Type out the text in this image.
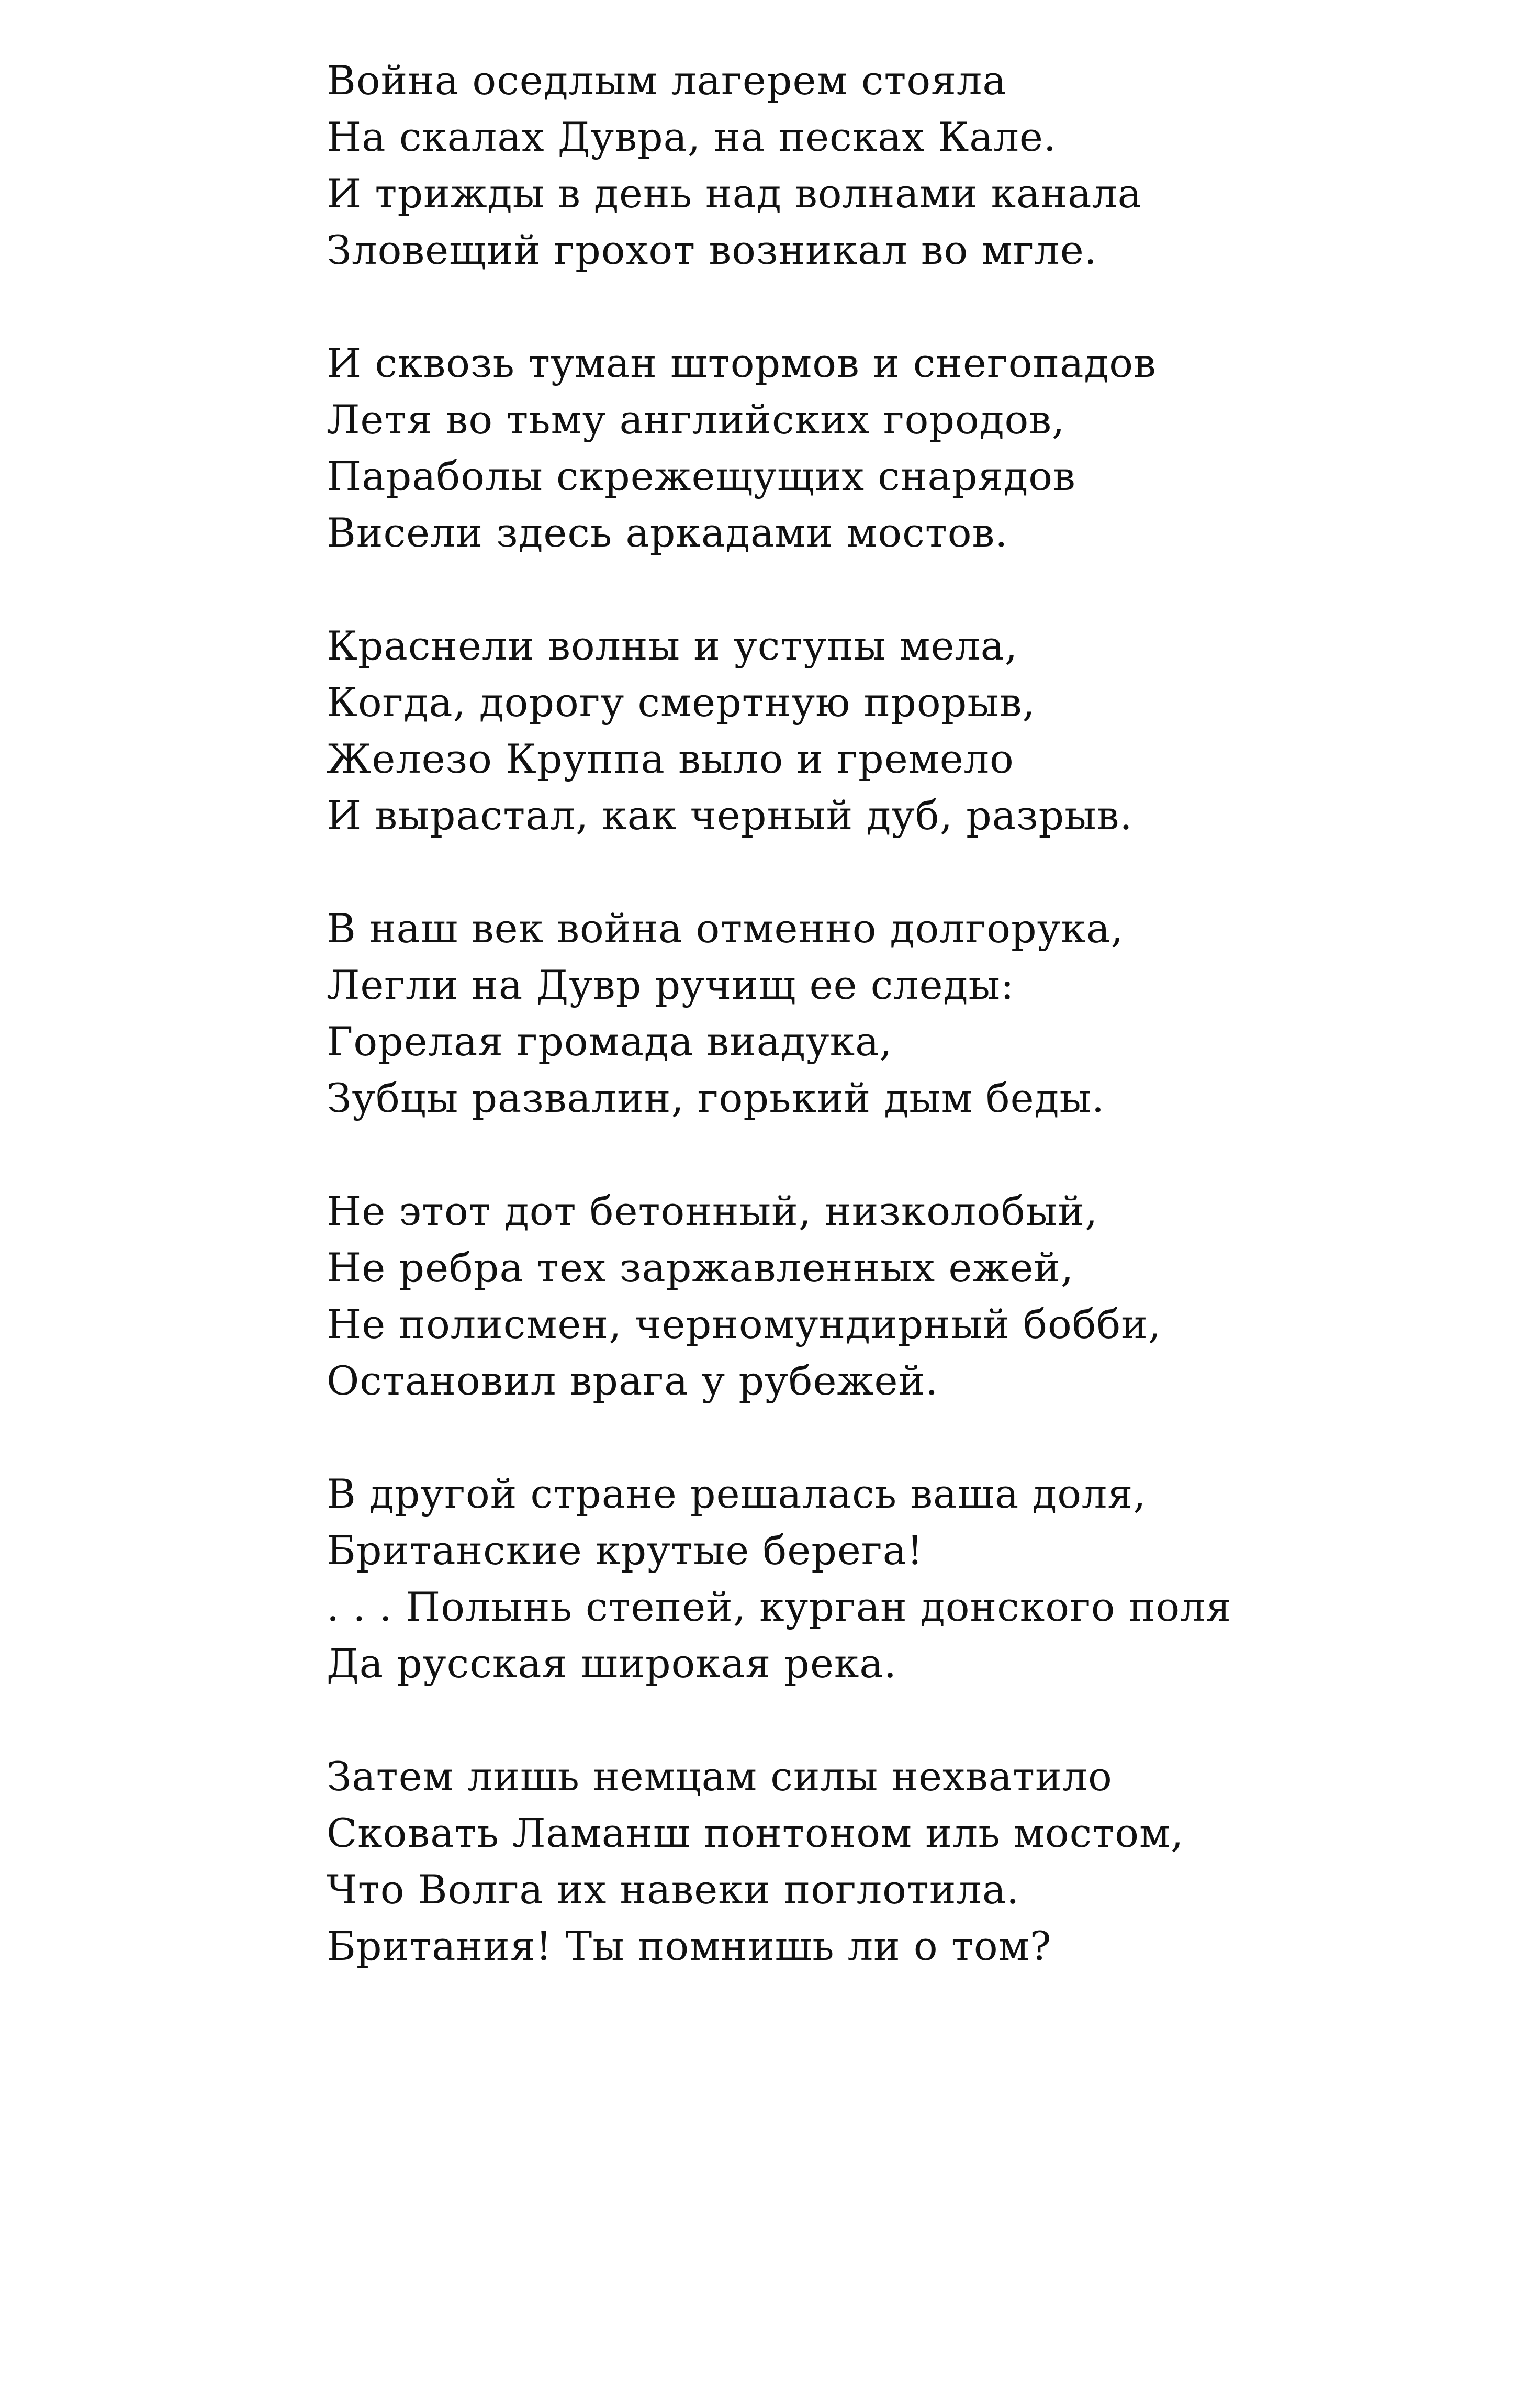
Война оседлым лагерем стояла
На скалах Дувра, на песках Кале.
И трижды в день над волнами канала
Зловещий грохот возникал во мгле.
И сквозь туман штормов и снегопадов
Летя во тьму английских городов,
Параболы скрежещущих снарядов
Висели здесь аркадами мостов.
Краснели волны и уступы мела,
Когда, дорогу смертную прорыв,
Железо Круппа выло и гремело
И вырастал, как черный дуб, разрыв.
В наш век война отменно долгорука,
Легли на Дувр ручищ ее следы:
Горелая громада виадука,
Зубцы развалин, горький дым беды.
Не этот дот бетонный, низколобый,
Не ребра тех заржавленных ежей,
Не полисмен, черномундирный бобби,
Остановил врага у рубежей.
В другой стране решалась ваша доля,
Британские крутые берега!
. . . Полынь степей, курган донского поля
Да русская широкая река.
Затем лишь немцам силы нехватило
Сковать Ламанш понтоном иль мостом,
Что Волга их навеки поглотила.
Британия! Ты помнишь ли о том?
